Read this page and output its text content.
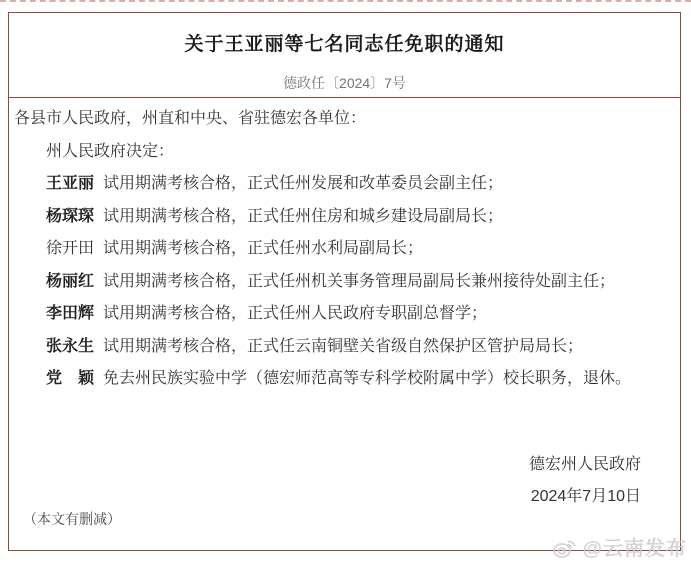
关于王亚丽等七名同志任免职的通知

德政任〔2024〕7号

各县市人民政府，州直和中央、省驻德宏各单位：

州人民政府决定：

王亚丽 试用期满考核合格，正式任州发展和改革委员会副主任；

杨琛琛 试用期满考核合格，正式任州住房和城乡建设局副局长；

徐开田 试用期满考核合格，正式任州水利局副局长；

杨丽红 试用期满考核合格，正式任州机关事务管理局副局长兼州接待处副主任；

李田辉 试用期满考核合格，正式任州人民政府专职副总督学；

张永生 试用期满考核合格，正式任云南铜壁关省级自然保护区管护局局长；

党　颖 免去州民族实验中学（德宏师范高等专科学校附属中学）校长职务，退休。

德宏州人民政府

2024年7月10日

（本文有删减）

@云南发布
